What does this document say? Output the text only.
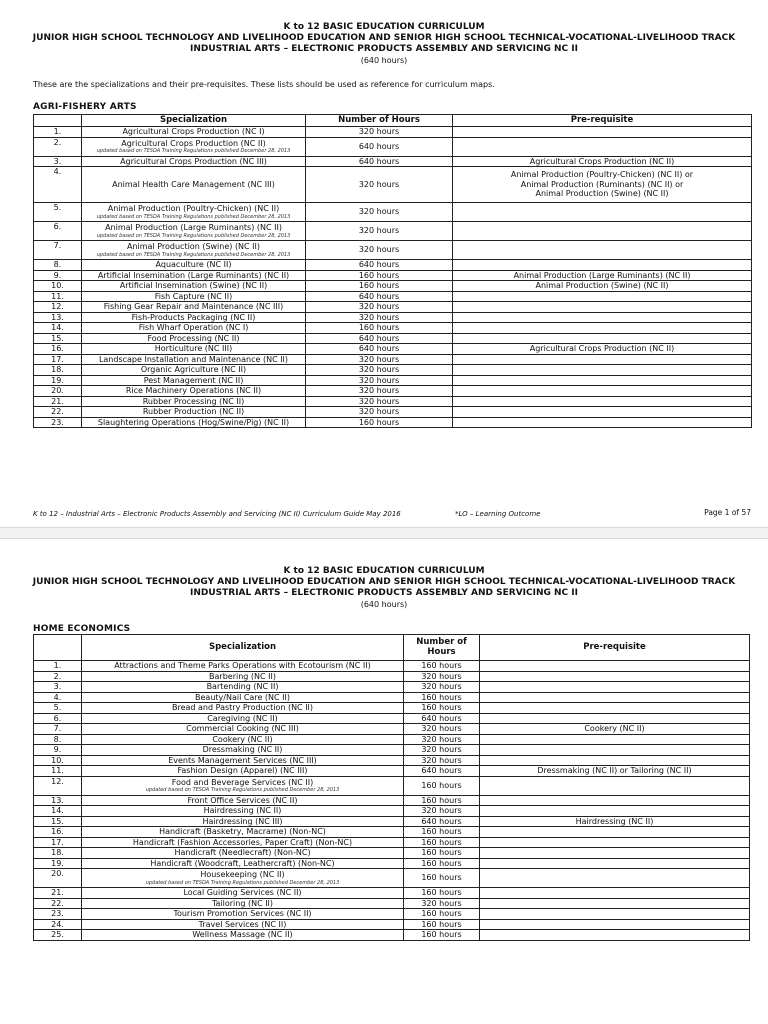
K to 12 BASIC EDUCATION CURRICULUM
JUNIOR HIGH SCHOOL TECHNOLOGY AND LIVELIHOOD EDUCATION AND SENIOR HIGH SCHOOL TECHNICAL-VOCATIONAL-LIVELIHOOD TRACK
INDUSTRIAL ARTS – ELECTRONIC PRODUCTS ASSEMBLY AND SERVICING NC II
(640 hours)
These are the specializations and their pre-requisites. These lists should be used as reference for curriculum maps.
AGRI-FISHERY ARTS
	Specialization	Number of Hours	Pre-requisite
1.	Agricultural Crops Production (NC I)	320 hours	
2.	Agricultural Crops Production (NC II)
updated based on TESDA Training Regulations published December 28, 2013	640 hours	
3.	Agricultural Crops Production (NC III)	640 hours	Agricultural Crops Production (NC II)

4.	Animal Health Care Management (NC III)	320 hours	Animal Production (Poultry-Chicken) (NC II) or
Animal Production (Ruminants) (NC II) or
Animal Production (Swine) (NC II)

5.	Animal Production (Poultry-Chicken) (NC II)
updated based on TESDA Training Regulations published December 28, 2013	320 hours	
6.	Animal Production (Large Ruminants) (NC II)
updated based on TESDA Training Regulations published December 28, 2013	320 hours	
7.	Animal Production (Swine) (NC II)
updated based on TESDA Training Regulations published December 28, 2013	320 hours	
8.	Aquaculture (NC II)	640 hours	
9.	Artificial Insemination (Large Ruminants) (NC II)	160 hours	Animal Production (Large Ruminants) (NC II)

10.	Artificial Insemination (Swine) (NC II)	160 hours	Animal Production (Swine) (NC II)

11.	Fish Capture (NC II)	640 hours	
12.	Fishing Gear Repair and Maintenance (NC III)	320 hours	
13.	Fish-Products Packaging (NC II)	320 hours	
14.	Fish Wharf Operation (NC I)	160 hours	
15.	Food Processing (NC II)	640 hours	
16.	Horticulture (NC III)	640 hours	Agricultural Crops Production (NC II)

17.	Landscape Installation and Maintenance (NC II)	320 hours	
18.	Organic Agriculture (NC II)	320 hours	
19.	Pest Management (NC II)	320 hours	
20.	Rice Machinery Operations (NC II)	320 hours	
21.	Rubber Processing (NC II)	320 hours	
22.	Rubber Production (NC II)	320 hours	
23.	Slaughtering Operations (Hog/Swine/Pig) (NC II)	160 hours	
K to 12 – Industrial Arts – Electronic Products Assembly and Servicing (NC II) Curriculum Guide May 2016	*LO – Learning Outcome	Page 1 of 57
K to 12 BASIC EDUCATION CURRICULUM
JUNIOR HIGH SCHOOL TECHNOLOGY AND LIVELIHOOD EDUCATION AND SENIOR HIGH SCHOOL TECHNICAL-VOCATIONAL-LIVELIHOOD TRACK
INDUSTRIAL ARTS – ELECTRONIC PRODUCTS ASSEMBLY AND SERVICING NC II
(640 hours)
HOME ECONOMICS
	Specialization	Number of Hours	Pre-requisite
1.	Attractions and Theme Parks Operations with Ecotourism (NC II)	160 hours	
2.	Barbering (NC II)	320 hours	
3.	Bartending (NC II)	320 hours	
4.	Beauty/Nail Care (NC II)	160 hours	
5.	Bread and Pastry Production (NC II)	160 hours	
6.	Caregiving (NC II)	640 hours	
7.	Commercial Cooking (NC III)	320 hours	Cookery (NC II)
8.	Cookery (NC II)	320 hours	
9.	Dressmaking (NC II)	320 hours	
10.	Events Management Services (NC III)	320 hours	
11.	Fashion Design (Apparel) (NC III)	640 hours	Dressmaking (NC II) or Tailoring (NC II)
12.	Food and Beverage Services (NC II)
updated based on TESDA Training Regulations published December 28, 2013	160 hours	
13.	Front Office Services (NC II)	160 hours	
14.	Hairdressing (NC II)	320 hours	
15.	Hairdressing (NC III)	640 hours	Hairdressing (NC II)
16.	Handicraft (Basketry, Macrame) (Non-NC)	160 hours	
17.	Handicraft (Fashion Accessories, Paper Craft) (Non-NC)	160 hours	
18.	Handicraft (Needlecraft) (Non-NC)	160 hours	
19.	Handicraft (Woodcraft, Leathercraft) (Non-NC)	160 hours	
20.	Housekeeping (NC II)
updated based on TESDA Training Regulations published December 28, 2013	160 hours	
21.	Local Guiding Services (NC II)	160 hours	
22.	Tailoring (NC II)	320 hours	
23.	Tourism Promotion Services (NC II)	160 hours	
24.	Travel Services (NC II)	160 hours	
25.	Wellness Massage (NC II)	160 hours	
